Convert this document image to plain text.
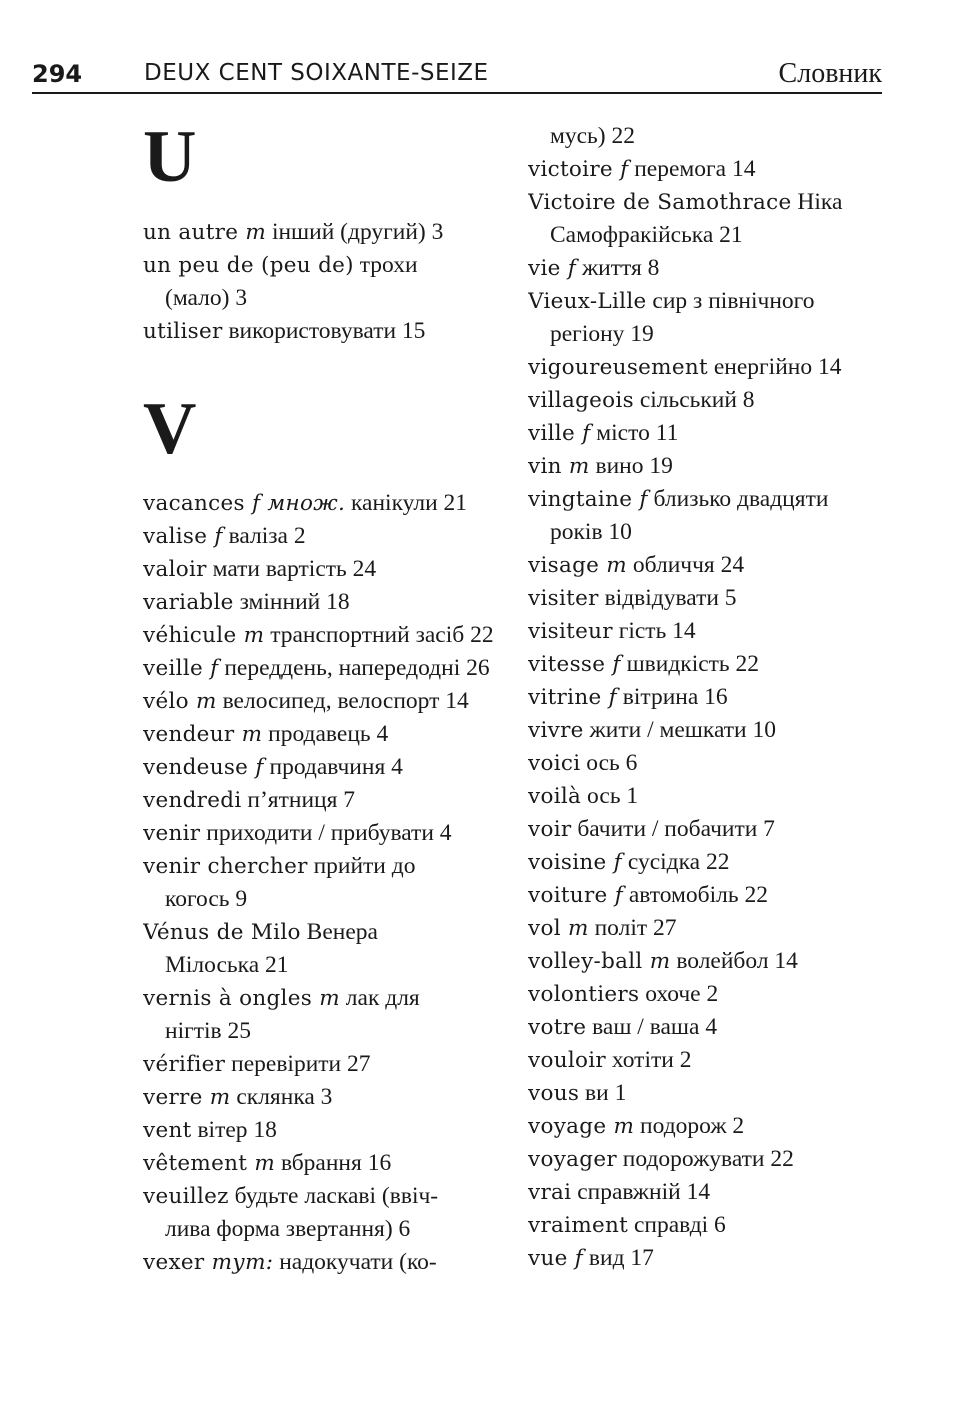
294	DEUX CENT SOIXANTE-SEIZE	Словник
U
un autre m інший (другий) 3
un peu de (peu de) трохи
(мало) 3
utiliser використовувати 15
V
vacances f множ. канікули 21
valise f валіза 2
valoir мати вартість 24
variable змінний 18
véhicule m транспортний засіб 22
veille f переддень, напередодні 26
vélo m велосипед, велоспорт 14
vendeur m продавець 4
vendeuse f продавчиня 4
vendredi п’ятниця 7
venir приходити / прибувати 4
venir chercher прийти до
когось 9
Vénus de Milo Венера
Мілоська 21
vernis à ongles m лак для
нігтів 25
vérifier перевірити 27
verre m склянка 3
vent вітер 18
vêtement m вбрання 16
veuillez будьте ласкаві (ввіч-
лива форма звертання) 6
vexer тут: надокучати (ко-
мусь) 22
victoire f перемога 14
Victoire de Samothrace Ніка
Самофракійська 21
vie f життя 8
Vieux-Lille сир з північного
регіону 19
vigoureusement енергійно 14
villageois сільський 8
ville f місто 11
vin m вино 19
vingtaine f близько двадцяти
років 10
visage m обличчя 24
visiter відвідувати 5
visiteur гість 14
vitesse f швидкість 22
vitrine f вітрина 16
vivre жити / мешкати 10
voici ось 6
voilà ось 1
voir бачити / побачити 7
voisine f сусідка 22
voiture f автомобіль 22
vol m політ 27
volley-ball m волейбол 14
volontiers охоче 2
votre ваш / ваша 4
vouloir хотіти 2
vous ви 1
voyage m подорож 2
voyager подорожувати 22
vrai справжній 14
vraiment справді 6
vue f вид 17
